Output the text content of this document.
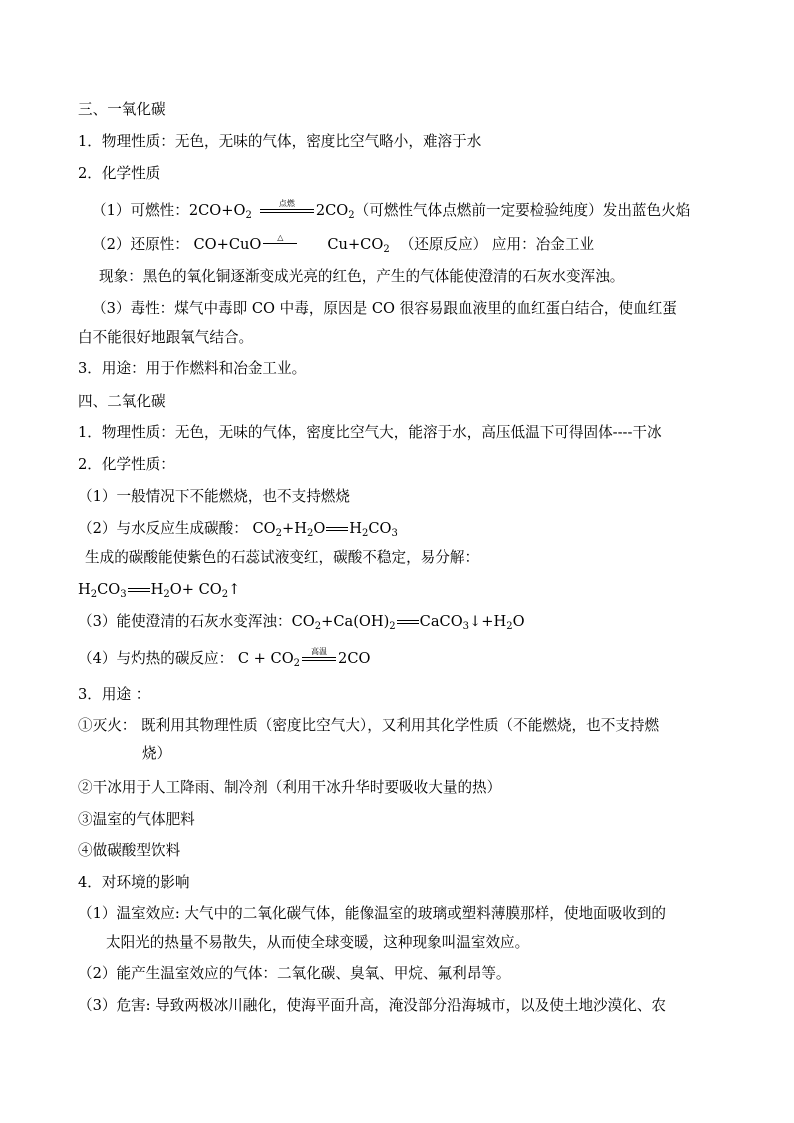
三、一氧化碳
1．物理性质：无色，无味的气体，密度比空气略小，难溶于水
2．化学性质
（1）可燃性：$2CO+O_2$
点燃	$2CO_2$（可燃性气体点燃前一定要检验纯度）发出蓝色火焰
（2）还原性： CO+CuO	△	$Cu+CO_2$ （还原反应） 应用：冶金工业
现象：黑色的氧化铜逐渐变成光亮的红色，产生的气体能使澄清的石灰水变浑浊。
（3）毒性：煤气中毒即 CO 中毒，原因是 CO 很容易跟血液里的血红蛋白结合，使血红蛋
白不能很好地跟氧气结合。
3．用途：用于作燃料和冶金工业。
四、二氧化碳
1．物理性质：无色，无味的气体，密度比空气大，能溶于水，高压低温下可得固体----干冰
2．化学性质：
（1）一般情况下不能燃烧，也不支持燃烧
（2）与水反应生成碳酸： $CO_2+H_2O$ $H_2CO_3$
生成的碳酸能使紫色的石蕊试液变红，碳酸不稳定，易分解：
$H_2CO_3$ $H_2O+$ $CO_2↑$
（3）能使澄清的石灰水变浑浊：$CO_2+Ca(OH)_2$ $CaCO_3↓+H_2O$
（4）与灼热的碳反应： $C + CO_2$
高温 2CO
3．用途 ：
①灭火： 既利用其物理性质（密度比空气大），又利用其化学性质（不能燃烧，也不支持燃
烧）
②干冰用于人工降雨、制冷剂（利用干冰升华时要吸收大量的热）
③温室的气体肥料
④做碳酸型饮料
4．对环境的影响
（1）温室效应: 大气中的二氧化碳气体，能像温室的玻璃或塑料薄膜那样，使地面吸收到的
太阳光的热量不易散失，从而使全球变暖，这种现象叫温室效应。
（2）能产生温室效应的气体：二氧化碳、臭氧、甲烷、氟利昂等。
（3）危害: 导致两极冰川融化，使海平面升高，淹没部分沿海城市，以及使土地沙漠化、农
